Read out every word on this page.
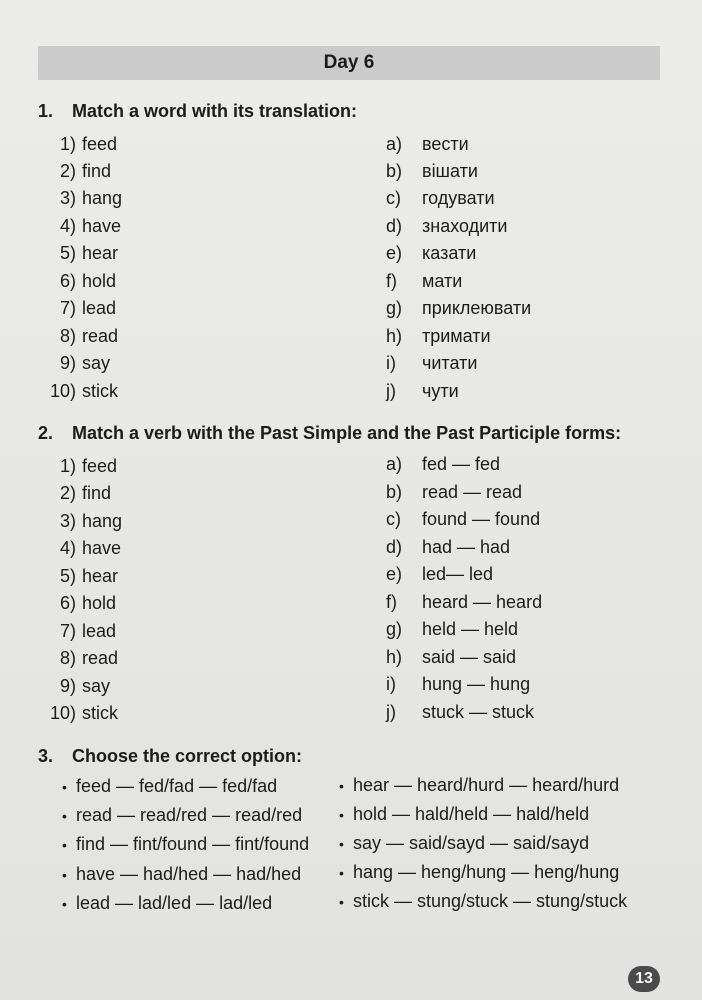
Day 6
1. Match a word with its translation:
1) feed
2) find
3) hang
4) have
5) hear
6) hold
7) lead
8) read
9) say
10) stick
a) вести
b) вішати
c) годувати
d) знаходити
e) казати
f) мати
g) приклеювати
h) тримати
i) читати
j) чути
2. Match a verb with the Past Simple and the Past Participle forms:
1) feed
2) find
3) hang
4) have
5) hear
6) hold
7) lead
8) read
9) say
10) stick
a) fed — fed
b) read — read
c) found — found
d) had — had
e) led— led
f) heard — heard
g) held — held
h) said — said
i) hung — hung
j) stuck — stuck
3. Choose the correct option:
• feed — fed/fad — fed/fad
• read — read/red — read/red
• find — fint/found — fint/found
• have — had/hed — had/hed
• lead — lad/led — lad/led
• hear — heard/hurd — heard/hurd
• hold — hald/held — hald/held
• say — said/sayd — said/sayd
• hang — heng/hung — heng/hung
• stick — stung/stuck — stung/stuck
13
